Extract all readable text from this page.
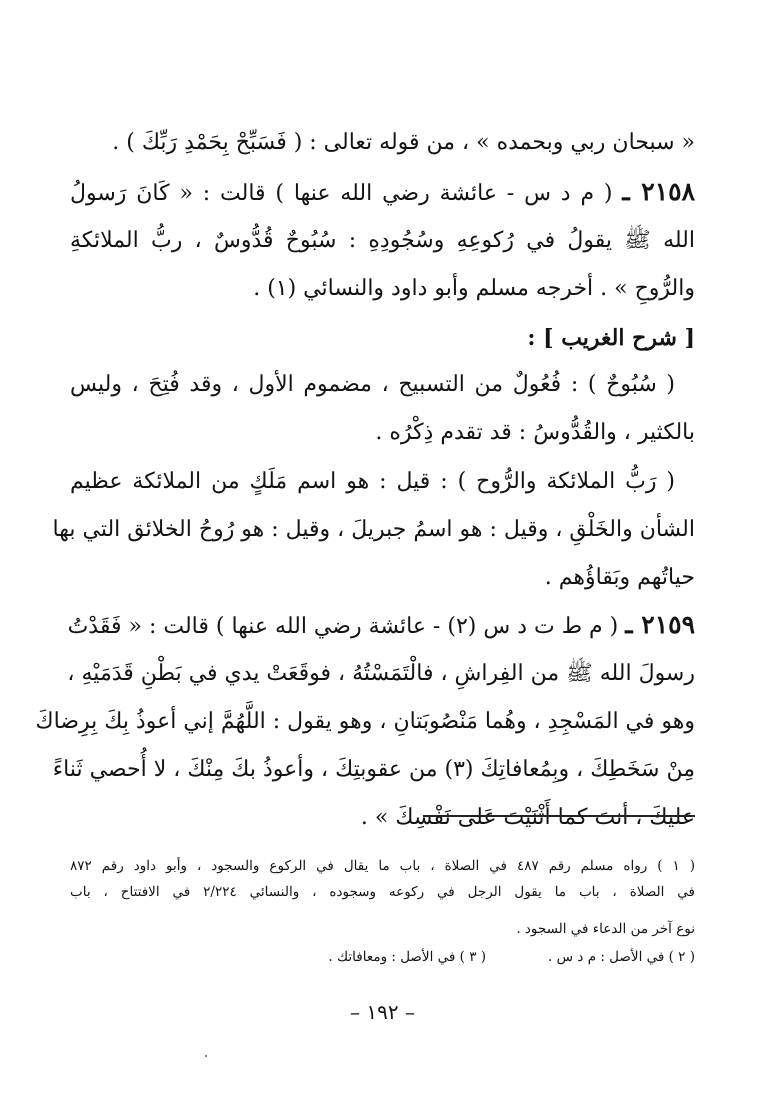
« سبحان ربي وبحمده » ، من قوله تعالى : ( فَسَبِّحْ بِحَمْدِ رَبِّكَ ) .
٢١٥٨ ـ ( م د س - عائشة رضي الله عنها ) قالت : « كَانَ رَسولُ
الله ﷺ يقولُ في رُكوعِهِ وسُجُودِهِ : سُبُوحٌ قُدُّوسٌ ، ربُّ الملائكةِ
والرُّوحِ » . أخرجه مسلم وأبو داود والنسائي (١) .
[ شرح الغريب ] :
( سُبُوحٌ ) : فُعُولٌ من التسبيح ، مضموم الأول ، وقد فُتِحَ ، وليس
بالكثير ، والقُدُّوسُ : قد تقدم ذِكْرُه .
( رَبُّ الملائكة والرُّوح ) : قيل : هو اسم مَلَكٍ من الملائكة عظيم
الشأن والخَلْقِ ، وقيل : هو اسمُ جبريلَ ، وقيل : هو رُوحُ الخلائق التي بها
حياتُهم وبَقاؤُهم .
٢١٥٩ ـ ( م ط ت د س (٢) - عائشة رضي الله عنها ) قالت : « فَقَدْتُ
رسولَ الله ﷺ من الفِراشِ ، فالْتَمَسْتُهُ ، فوقَعَتْ يدي في بَطْنِ قَدَمَيْهِ ،
وهو في المَسْجِدِ ، وهُما مَنْصُوبَتانِ ، وهو يقول : اللَّهُمَّ إني أعوذُ بِكَ بِرِضاكَ
مِنْ سَخَطِكَ ، وبِمُعافاتِكَ (٣) من عقوبتِكَ ، وأعوذُ بكَ مِنْكَ ، لا أُحصي ثَناءً
عليكَ ، أنتَ كما أَثْنَيْتَ عَلى نَفْسِكَ » .
( ١ ) رواه مسلم رقم ٤٨٧ في الصلاة ، باب ما يقال في الركوع والسجود ، وأبو داود رقم ٨٧٢
في الصلاة ، باب ما يقول الرجل في ركوعه وسجوده ، والنسائي ٢/٢٢٤ في الافتتاح ، باب
نوع آخر من الدعاء في السجود .
( ٢ ) في الأصل : م د س .
( ٣ ) في الأصل : ومعافاتك .
– ١٩٢ –
